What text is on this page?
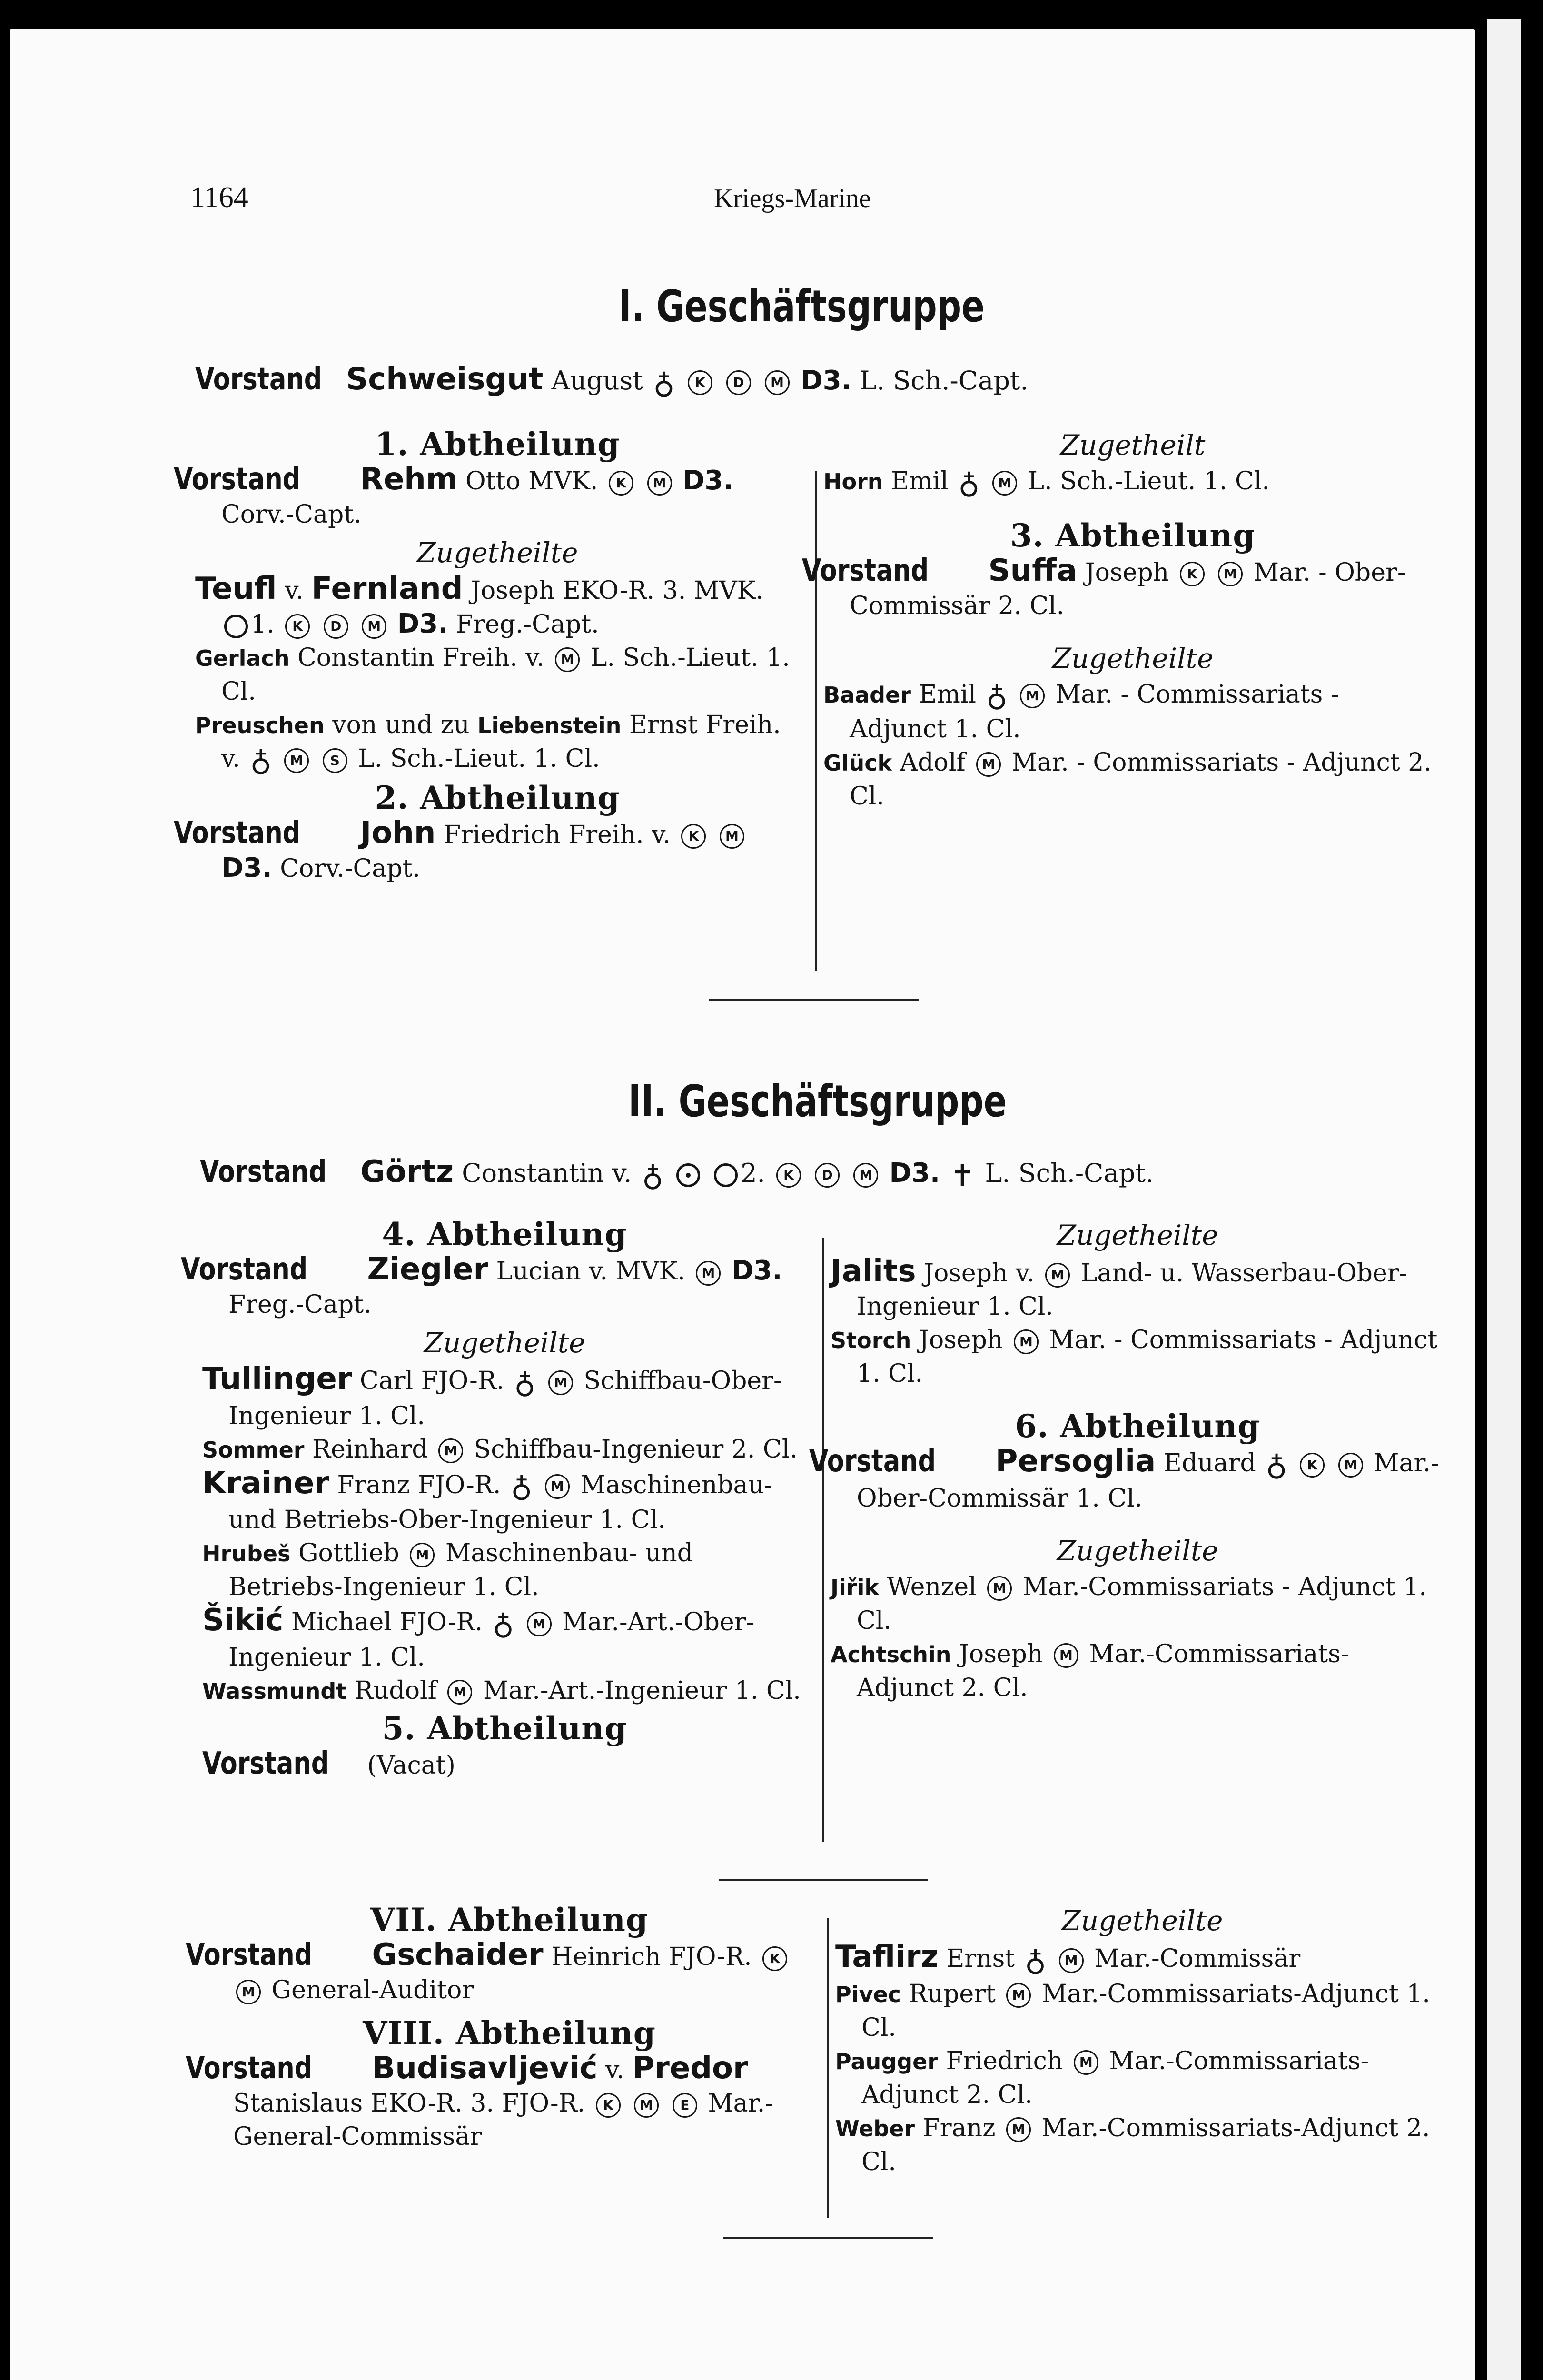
1164	Kriegs-Marine
I. Geschäftsgruppe
Vorstand Schweisgut August ♁ K D M D3. L. Sch.-Capt.
1. Abtheilung

Vorstand Rehm Otto MVK. K M D3. Corv.-Capt.

Zugetheilte

Teufl v. Fernland Joseph EKO-R. 3. MVK. 1. K D M D3. Freg.-Capt.

Gerlach Constantin Freih. v. M L. Sch.-Lieut. 1. Cl.

Preuschen von und zu Liebenstein Ernst Freih. v. ♁ M S L. Sch.-Lieut. 1. Cl.

2. Abtheilung

Vorstand John Friedrich Freih. v. K M D3. Corv.-Capt.

Zugetheilt

Horn Emil ♁ M L. Sch.-Lieut. 1. Cl.

3. Abtheilung

Vorstand Suffa Joseph K M Mar. - Ober-Commissär 2. Cl.

Zugetheilte

Baader Emil ♁ M Mar. - Commissariats - Adjunct 1. Cl.

Glück Adolf M Mar. - Commissariats - Adjunct 2. Cl.

II. Geschäftsgruppe
Vorstand Görtz Constantin v. ♁	2. K D M D3. ✝ L. Sch.-Capt.
4. Abtheilung

Vorstand Ziegler Lucian v. MVK. M D3. Freg.-Capt.

Zugetheilte

Tullinger Carl FJO-R. ♁ M Schiffbau-Ober-Ingenieur 1. Cl.

Sommer Reinhard M Schiffbau-Ingenieur 2. Cl.

Krainer Franz FJO-R. ♁ M Maschinenbau- und Betriebs-Ober-Ingenieur 1. Cl.

Hrubeš Gottlieb M Maschinenbau- und Betriebs-Ingenieur 1. Cl.

Šikić Michael FJO-R. ♁ M Mar.-Art.-Ober-Ingenieur 1. Cl.

Wassmundt Rudolf M Mar.-Art.-Ingenieur 1. Cl.

5. Abtheilung

Vorstand (Vacat)

Zugetheilte

Jalits Joseph v. M Land- u. Wasserbau-Ober-Ingenieur 1. Cl.

Storch Joseph M Mar. - Commissariats - Adjunct 1. Cl.

6. Abtheilung

Vorstand Persoglia Eduard ♁ K M Mar.-Ober-Commissär 1. Cl.

Zugetheilte

Jiřik Wenzel M Mar.-Commissariats - Adjunct 1. Cl.

Achtschin Joseph M Mar.-Commissariats-Adjunct 2. Cl.

VII. Abtheilung

Vorstand Gschaider Heinrich FJO-R. K M General-Auditor

VIII. Abtheilung

Vorstand Budisavljević v. Predor Stanislaus EKO-R. 3. FJO-R. K M E Mar.-General-Commissär

Zugetheilte

Taflirz Ernst ♁ M Mar.-Commissär

Pivec Rupert M Mar.-Commissariats-Adjunct 1. Cl.

Paugger Friedrich M Mar.-Commissariats-Adjunct 2. Cl.

Weber Franz M Mar.-Commissariats-Adjunct 2. Cl.
